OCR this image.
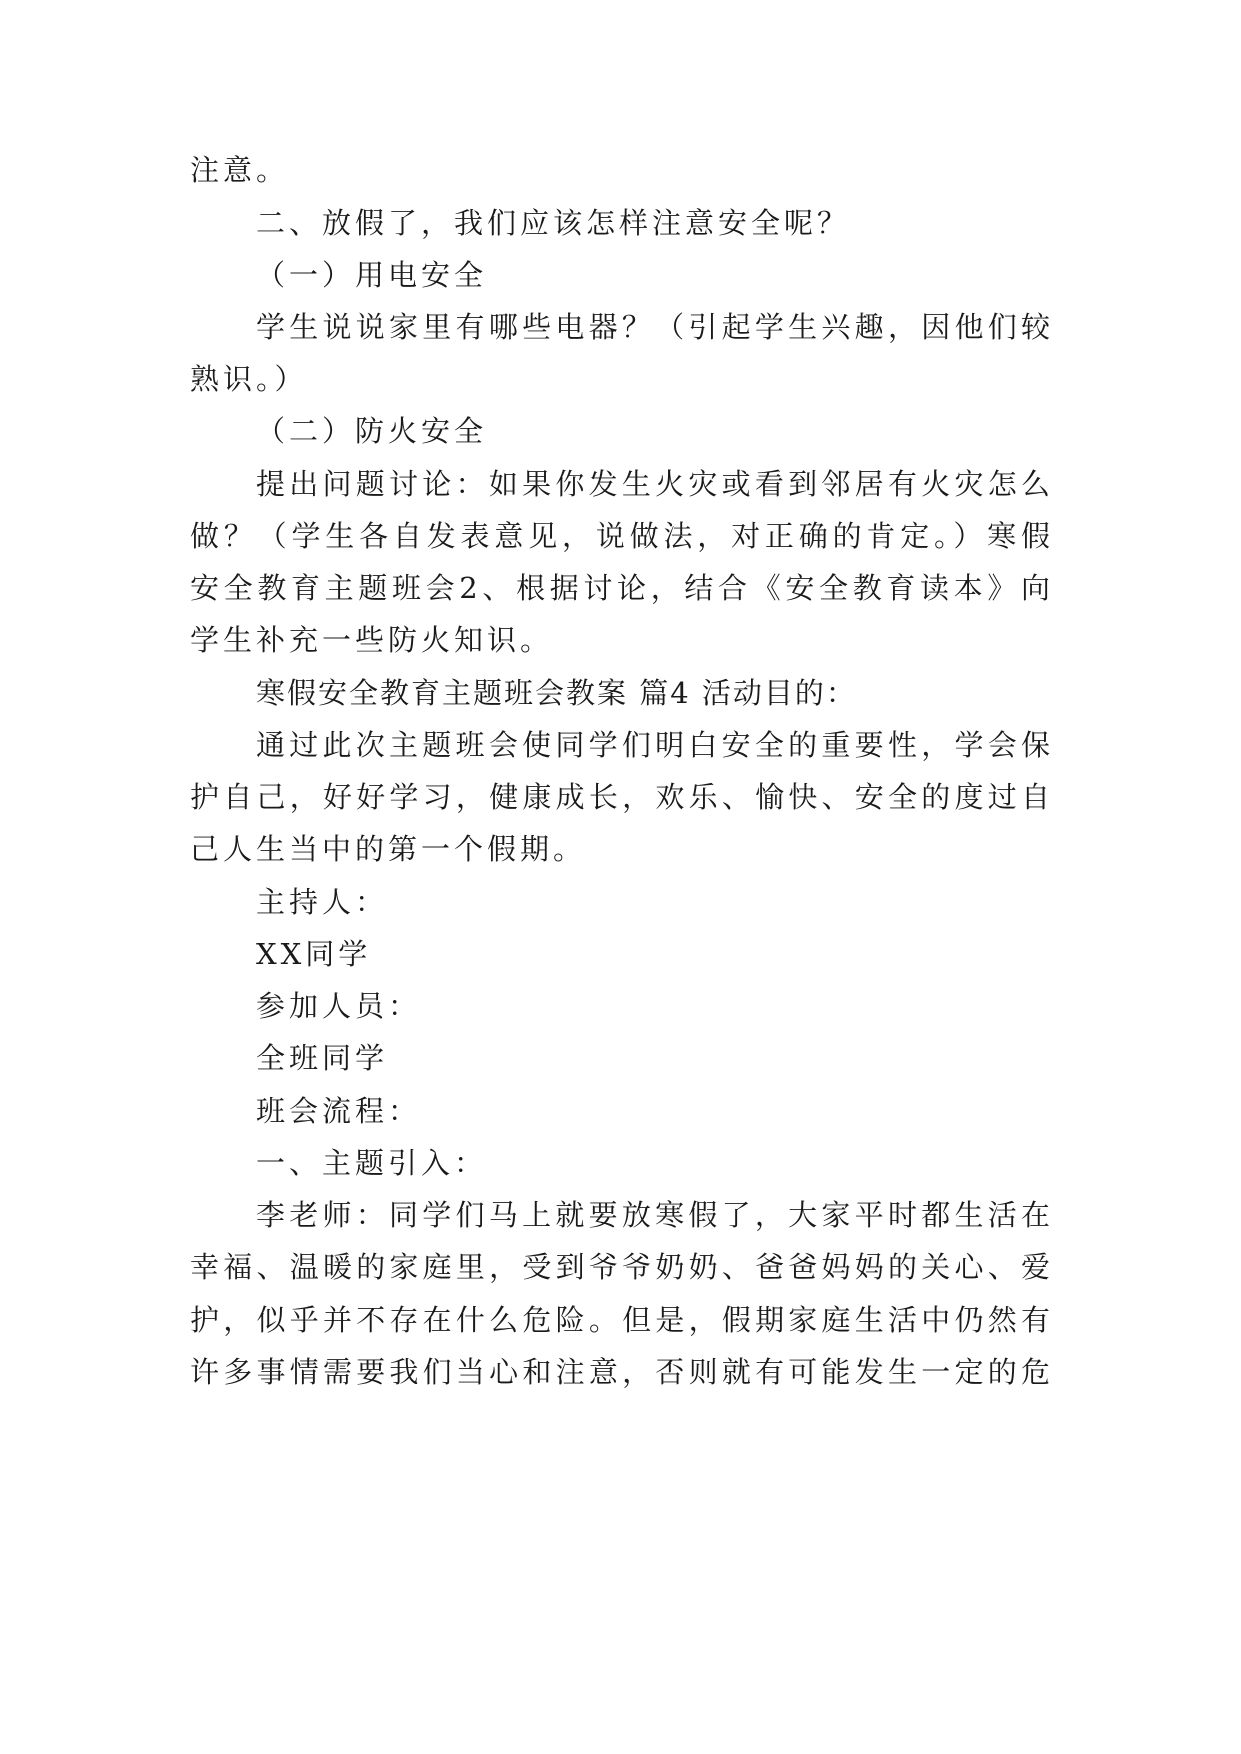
注意。
二、放假了，我们应该怎样注意安全呢？
（一）用电安全
学生说说家里有哪些电器？（引起学生兴趣，因他们较
熟识。）
（二）防火安全
提出问题讨论：如果你发生火灾或看到邻居有火灾怎么
做？（学生各自发表意见，说做法，对正确的肯定。）寒假
安全教育主题班会2、根据讨论，结合《安全教育读本》向
学生补充一些防火知识。
寒假安全教育主题班会教案 篇4 活动目的：
通过此次主题班会使同学们明白安全的重要性，学会保
护自己，好好学习，健康成长，欢乐、愉快、安全的度过自
己人生当中的第一个假期。
主持人：
XX同学
参加人员：
全班同学
班会流程：
一、主题引入：
李老师：同学们马上就要放寒假了，大家平时都生活在
幸福、温暖的家庭里，受到爷爷奶奶、爸爸妈妈的关心、爱
护，似乎并不存在什么危险。但是，假期家庭生活中仍然有
许多事情需要我们当心和注意，否则就有可能发生一定的危
